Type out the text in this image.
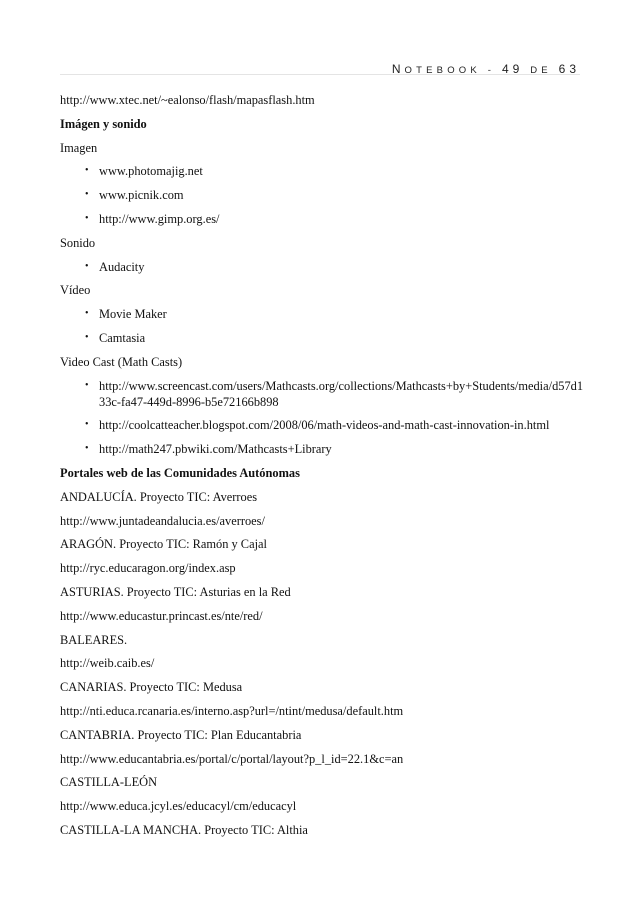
NOTEBOOK - 49 DE 63
http://www.xtec.net/~ealonso/flash/mapasflash.htm
Imágen y sonido
Imagen
• www.photomajig.net
• www.picnik.com
• http://www.gimp.org.es/
Sonido
• Audacity
Vídeo
• Movie Maker
• Camtasia
Video Cast (Math Casts)
• http://www.screencast.com/users/Mathcasts.org/collections/Mathcasts+by+Students/media/d57d133c-fa47-449d-8996-b5e72166b898
• http://coolcatteacher.blogspot.com/2008/06/math-videos-and-math-cast-innovation-in.html
• http://math247.pbwiki.com/Mathcasts+Library
Portales web de las Comunidades Autónomas
ANDALUCÍA. Proyecto TIC: Averroes
http://www.juntadeandalucia.es/averroes/
ARAGÓN. Proyecto TIC: Ramón y Cajal
http://ryc.educaragon.org/index.asp
ASTURIAS. Proyecto TIC: Asturias en la Red
http://www.educastur.princast.es/nte/red/
BALEARES.
http://weib.caib.es/
CANARIAS. Proyecto TIC: Medusa
http://nti.educa.rcanaria.es/interno.asp?url=/ntint/medusa/default.htm
CANTABRIA. Proyecto TIC: Plan Educantabria
http://www.educantabria.es/portal/c/portal/layout?p_l_id=22.1&c=an
CASTILLA-LEÓN
http://www.educa.jcyl.es/educacyl/cm/educacyl
CASTILLA-LA MANCHA. Proyecto TIC: Althia
